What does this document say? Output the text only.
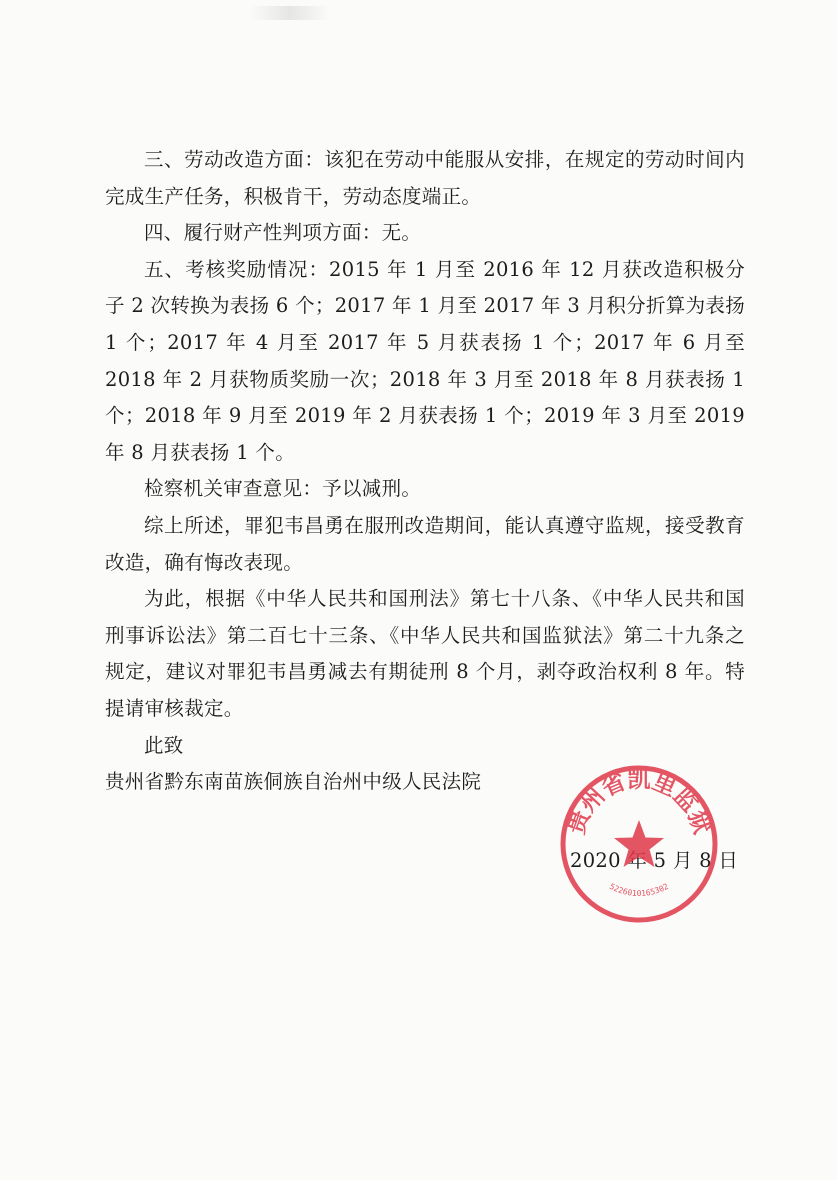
三、劳动改造方面：该犯在劳动中能服从安排，在规定的劳动时间内完成生产任务，积极肯干，劳动态度端正。

四、履行财产性判项方面：无。

五、考核奖励情况：2015 年 1 月至 2016 年 12 月获改造积极分子 2 次转换为表扬 6 个；2017 年 1 月至 2017 年 3 月积分折算为表扬 1 个；2017 年 4 月至 2017 年 5 月获表扬 1 个；2017 年 6 月至 2018 年 2 月获物质奖励一次；2018 年 3 月至 2018 年 8 月获表扬 1 个；2018 年 9 月至 2019 年 2 月获表扬 1 个；2019 年 3 月至 2019 年 8 月获表扬 1 个。

检察机关审查意见：予以减刑。

综上所述，罪犯韦昌勇在服刑改造期间，能认真遵守监规，接受教育改造，确有悔改表现。

为此，根据《中华人民共和国刑法》第七十八条、《中华人民共和国刑事诉讼法》第二百七十三条、《中华人民共和国监狱法》第二十九条之规定，建议对罪犯韦昌勇减去有期徒刑 8 个月，剥夺政治权利 8 年。特提请审核裁定。

此致

贵州省黔东南苗族侗族自治州中级人民法院

2020 年 5 月 8 日
贵州省凯里监狱
5226010165302
